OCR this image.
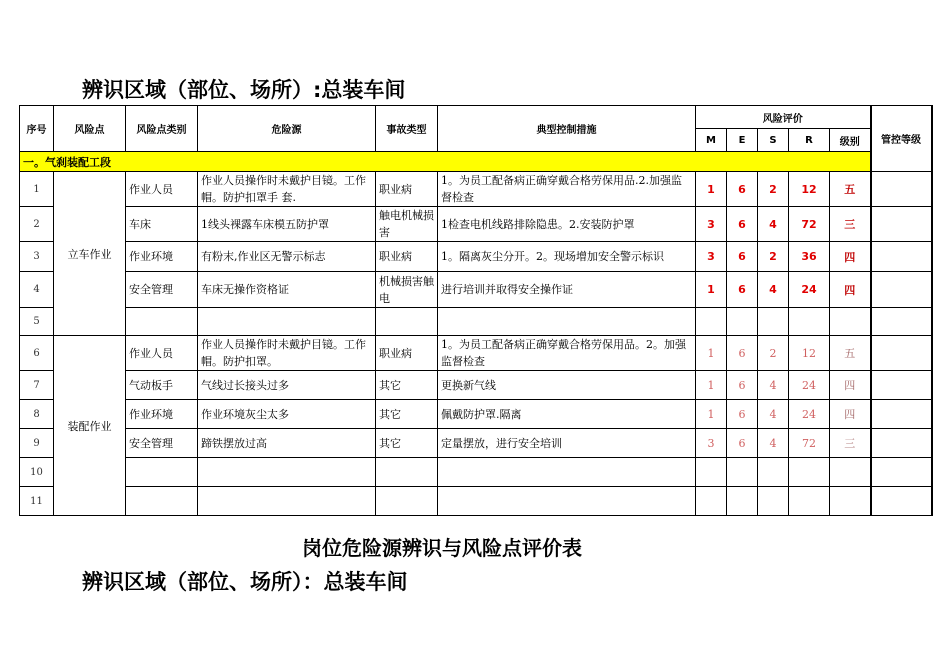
辨识区域（部位、场所）:总装车间
序号	风险点	风险点类别	危险源	事故类型	典型控制措施	风险评价					管控等级
						M	E	S	R	级别	
一。气刹装配工段											
1	立车作业	作业人员	作业人员操作时未戴护目镜。工作帽。防护扣罩手 套.	职业病	1。为员工配备病正确穿戴合格劳保用品.2.加强监督检查	1	6	2	12	五	
2		车床	1线头裸露车床模五防护罩	触电机械损害	1检查电机线路排除隐患。2.安装防护罩	3	6	4	72	三	
3		作业环境	有粉末,作业区无警示标志	职业病	1。隔离灰尘分开。2。现场增加安全警示标识	3	6	2	36	四	
4		安全管理	车床无操作资格证	机械损害触电	进行培训并取得安全操作证	1	6	4	24	四	
5											
6	装配作业	作业人员	作业人员操作时未戴护目镜。工作帽。防护扣罩。	职业病	1。为员工配备病正确穿戴合格劳保用品。2。加强监督检查	1	6	2	12	五	
7		气动板手	气线过长接头过多	其它	更换新气线	1	6	4	24	四	
8		作业环境	作业环境灰尘太多	其它	佩戴防护罩.隔离	1	6	4	24	四	
9		安全管理	蹄铁摆放过高	其它	定量摆放，进行安全培训	3	6	4	72	三	
10											
11											
岗位危险源辨识与风险点评价表
辨识区域（部位、场所）：总装车间
